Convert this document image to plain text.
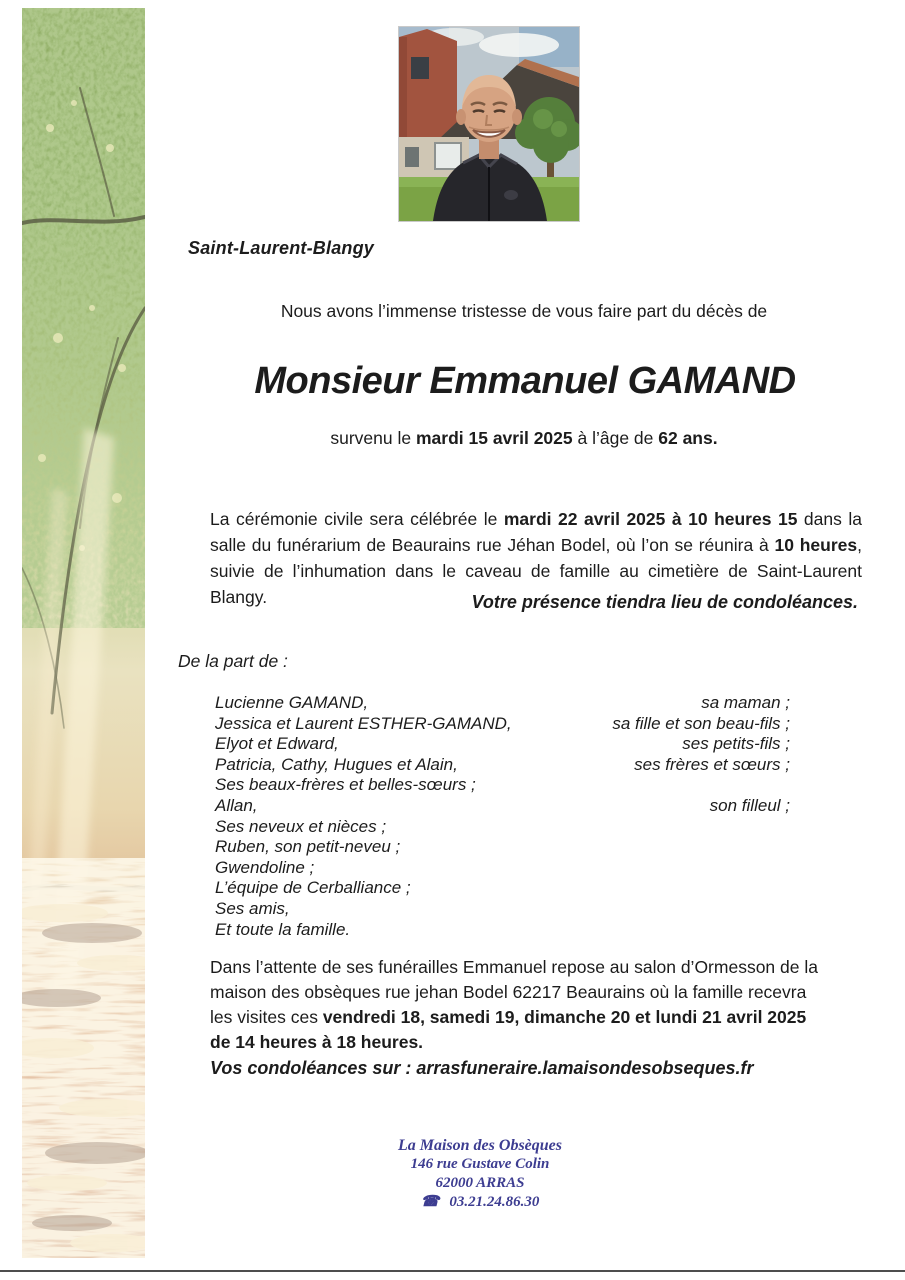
Saint-Laurent-Blangy
Nous avons l’immense tristesse de vous faire part du décès de
Monsieur Emmanuel GAMAND
survenu le mardi 15 avril 2025 à l’âge de 62 ans.
La cérémonie civile sera célébrée le mardi 22 avril 2025 à 10 heures 15 dans la salle du funérarium de Beaurains rue Jéhan Bodel, où l’on se réunira à 10 heures, suivie de l’inhumation dans le caveau de famille au cimetière de Saint-Laurent Blangy.	Votre présence tiendra lieu de condoléances.
De la part de :
Lucienne GAMAND,	sa maman ;
Jessica et Laurent ESTHER-GAMAND,	sa fille et son beau-fils ;
Elyot et Edward,	ses petits-fils ;
Patricia, Cathy, Hugues et Alain,	ses frères et sœurs ;
Ses beaux-frères et belles-sœurs ;
Allan,	son filleul ;
Ses neveux et nièces ;
Ruben, son petit-neveu ;
Gwendoline ;
L’équipe de Cerballiance ;
Ses amis,
Et toute la famille.
Dans l’attente de ses funérailles Emmanuel repose au salon d’Ormesson de la maison des obsèques rue jehan Bodel 62217 Beaurains où la famille recevra les visites ces vendredi 18, samedi 19, dimanche 20 et lundi 21 avril 2025 de 14 heures à 18 heures.
Vos condoléances sur : arrasfuneraire.lamaisondesobseques.fr
La Maison des Obsèques
146 rue Gustave Colin
62000 ARRAS
☎ 03.21.24.86.30
